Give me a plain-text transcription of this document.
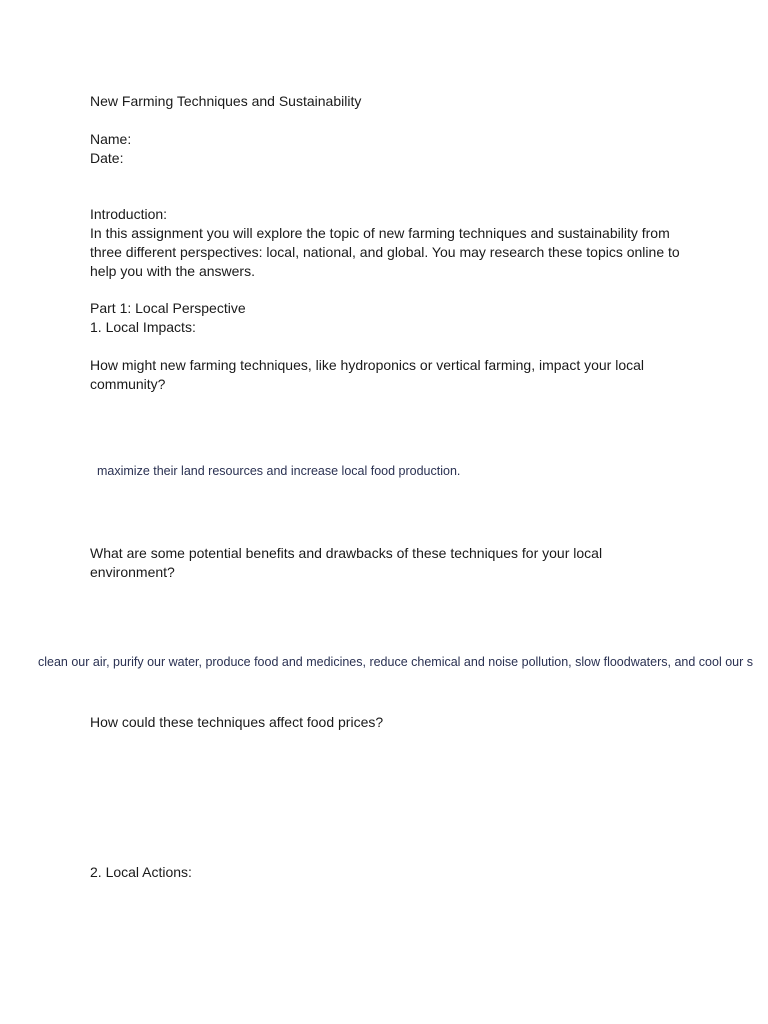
New Farming Techniques and Sustainability

Name:

Date:

Introduction:

In this assignment you will explore the topic of new farming techniques and sustainability from

three different perspectives: local, national, and global. You may research these topics online to

help you with the answers.

Part 1: Local Perspective

1. Local Impacts:

How might new farming techniques, like hydroponics or vertical farming, impact your local

community?

maximize their land resources and increase local food production.

What are some potential benefits and drawbacks of these techniques for your local

environment?

clean our air, purify our water, produce food and medicines, reduce chemical and noise pollution, slow floodwaters, and cool our s

How could these techniques affect food prices?

2. Local Actions:
